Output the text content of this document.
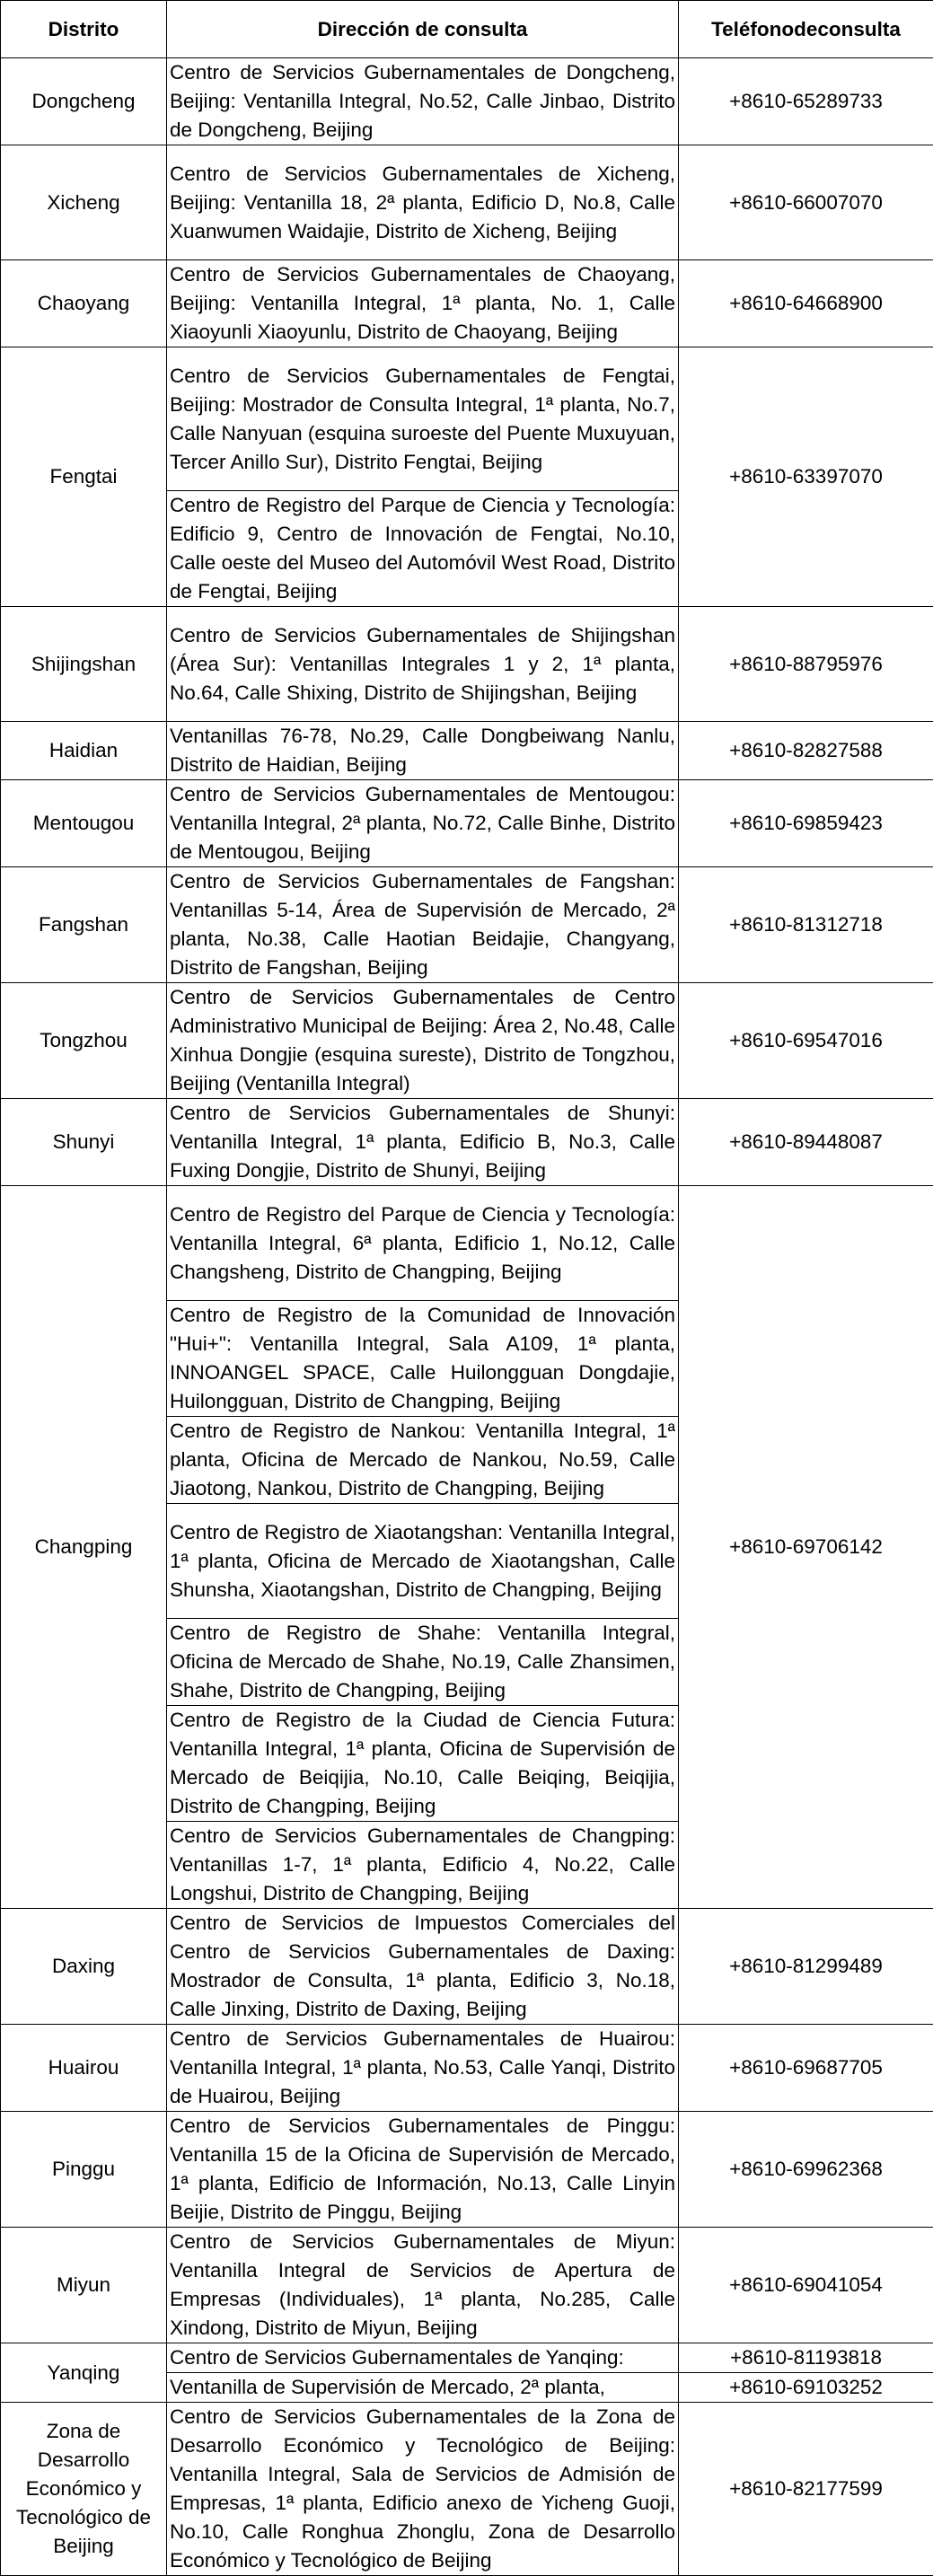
Distrito	Dirección de consulta	Teléfonodeconsulta
Dongcheng	Centro de Servicios Gubernamentales de Dongcheng, Beijing: Ventanilla Integral, No.52, Calle Jinbao, Distrito de Dongcheng, Beijing	+8610-65289733
Xicheng	Centro de Servicios Gubernamentales de Xicheng, Beijing: Ventanilla 18, 2ª planta, Edificio D, No.8, Calle Xuanwumen Waidajie, Distrito de Xicheng, Beijing	+8610-66007070
Chaoyang	Centro de Servicios Gubernamentales de Chaoyang, Beijing: Ventanilla Integral, 1ª planta, No. 1, Calle Xiaoyunli Xiaoyunlu, Distrito de Chaoyang, Beijing	+8610-64668900
Fengtai	Centro de Servicios Gubernamentales de Fengtai, Beijing: Mostrador de Consulta Integral, 1ª planta, No.7, Calle Nanyuan (esquina suroeste del Puente Muxuyuan, Tercer Anillo Sur), Distrito Fengtai, Beijing	+8610-63397070
	Centro de Registro del Parque de Ciencia y Tecnología: Edificio 9, Centro de Innovación de Fengtai, No.10, Calle oeste del Museo del Automóvil West Road, Distrito de Fengtai, Beijing	
Shijingshan	Centro de Servicios Gubernamentales de Shijingshan (Área Sur): Ventanillas Integrales 1 y 2, 1ª planta, No.64, Calle Shixing, Distrito de Shijingshan, Beijing	+8610-88795976
Haidian	Ventanillas 76-78, No.29, Calle Dongbeiwang Nanlu, Distrito de Haidian, Beijing	+8610-82827588
Mentougou	Centro de Servicios Gubernamentales de Mentougou: Ventanilla Integral, 2ª planta, No.72, Calle Binhe, Distrito de Mentougou, Beijing	+8610-69859423
Fangshan	Centro de Servicios Gubernamentales de Fangshan: Ventanillas 5-14, Área de Supervisión de Mercado, 2ª planta, No.38, Calle Haotian Beidajie, Changyang, Distrito de Fangshan, Beijing	+8610-81312718
Tongzhou	Centro de Servicios Gubernamentales de Centro Administrativo Municipal de Beijing: Área 2, No.48, Calle Xinhua Dongjie (esquina sureste), Distrito de Tongzhou, Beijing (Ventanilla Integral)	+8610-69547016
Shunyi	Centro de Servicios Gubernamentales de Shunyi: Ventanilla Integral, 1ª planta, Edificio B, No.3, Calle Fuxing Dongjie, Distrito de Shunyi, Beijing	+8610-89448087
Changping	Centro de Registro del Parque de Ciencia y Tecnología: Ventanilla Integral, 6ª planta, Edificio 1, No.12, Calle Changsheng, Distrito de Changping, Beijing	+8610-69706142
	Centro de Registro de la Comunidad de Innovación "Hui+": Ventanilla Integral, Sala A109, 1ª planta, INNOANGEL SPACE, Calle Huilongguan Dongdajie, Huilongguan, Distrito de Changping, Beijing	
	Centro de Registro de Nankou: Ventanilla Integral, 1ª planta, Oficina de Mercado de Nankou, No.59, Calle Jiaotong, Nankou, Distrito de Changping, Beijing	
	Centro de Registro de Xiaotangshan: Ventanilla Integral, 1ª planta, Oficina de Mercado de Xiaotangshan, Calle Shunsha, Xiaotangshan, Distrito de Changping, Beijing	
	Centro de Registro de Shahe: Ventanilla Integral, Oficina de Mercado de Shahe, No.19, Calle Zhansimen, Shahe, Distrito de Changping, Beijing	
	Centro de Registro de la Ciudad de Ciencia Futura: Ventanilla Integral, 1ª planta, Oficina de Supervisión de Mercado de Beiqijia, No.10, Calle Beiqing, Beiqijia, Distrito de Changping, Beijing	
	Centro de Servicios Gubernamentales de Changping: Ventanillas 1-7, 1ª planta, Edificio 4, No.22, Calle Longshui, Distrito de Changping, Beijing	
Daxing	Centro de Servicios de Impuestos Comerciales del Centro de Servicios Gubernamentales de Daxing: Mostrador de Consulta, 1ª planta, Edificio 3, No.18, Calle Jinxing, Distrito de Daxing, Beijing	+8610-81299489
Huairou	Centro de Servicios Gubernamentales de Huairou: Ventanilla Integral, 1ª planta, No.53, Calle Yanqi, Distrito de Huairou, Beijing	+8610-69687705
Pinggu	Centro de Servicios Gubernamentales de Pinggu: Ventanilla 15 de la Oficina de Supervisión de Mercado, 1ª planta, Edificio de Información, No.13, Calle Linyin Beijie, Distrito de Pinggu, Beijing	+8610-69962368
Miyun	Centro de Servicios Gubernamentales de Miyun: Ventanilla Integral de Servicios de Apertura de Empresas (Individuales), 1ª planta, No.285, Calle Xindong, Distrito de Miyun, Beijing	+8610-69041054
Yanqing	Centro de Servicios Gubernamentales de Yanqing:	+8610-81193818
	Ventanilla de Supervisión de Mercado, 2ª planta,	+8610-69103252
Zona de Desarrollo Económico y Tecnológico de Beijing	Centro de Servicios Gubernamentales de la Zona de Desarrollo Económico y Tecnológico de Beijing: Ventanilla Integral, Sala de Servicios de Admisión de Empresas, 1ª planta, Edificio anexo de Yicheng Guoji, No.10, Calle Ronghua Zhonglu, Zona de Desarrollo Económico y Tecnológico de Beijing	+8610-82177599
